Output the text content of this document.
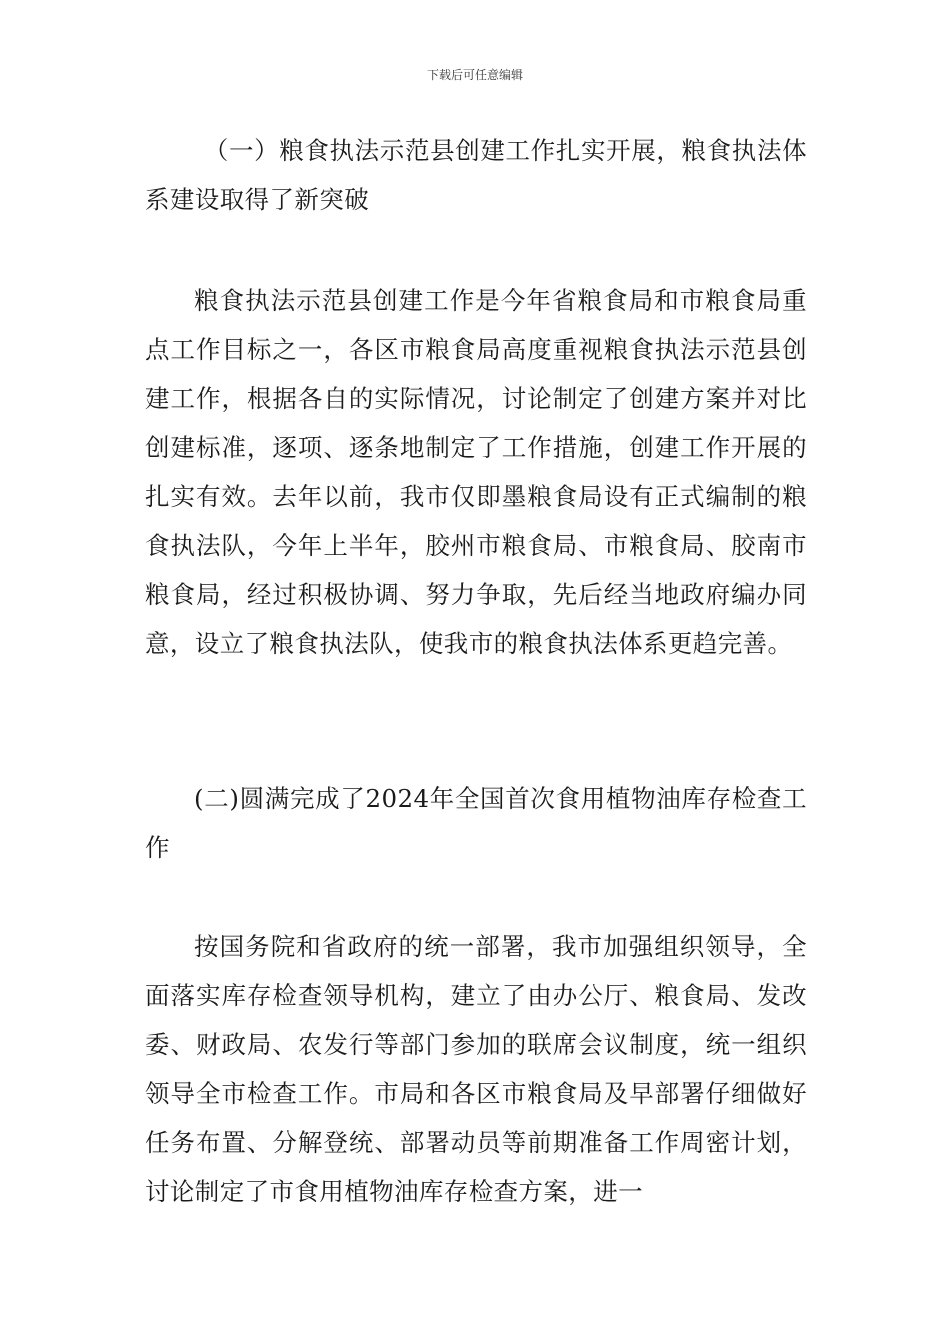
下载后可任意编辑

（一）粮食执法示范县创建工作扎实开展，粮食执法体系建设取得了新突破

粮食执法示范县创建工作是今年省粮食局和市粮食局重点工作目标之一，各区市粮食局高度重视粮食执法示范县创建工作，根据各自的实际情况，讨论制定了创建方案并对比创建标准，逐项、逐条地制定了工作措施，创建工作开展的扎实有效。去年以前，我市仅即墨粮食局设有正式编制的粮食执法队，今年上半年，胶州市粮食局、市粮食局、胶南市粮食局，经过积极协调、努力争取，先后经当地政府编办同意，设立了粮食执法队，使我市的粮食执法体系更趋完善。

(二)圆满完成了2024年全国首次食用植物油库存检查工作

按国务院和省政府的统一部署，我市加强组织领导，全面落实库存检查领导机构，建立了由办公厅、粮食局、发改委、财政局、农发行等部门参加的联席会议制度，统一组织领导全市检查工作。市局和各区市粮食局及早部署仔细做好任务布置、分解登统、部署动员等前期准备工作周密计划，讨论制定了市食用植物油库存检查方案，进一
